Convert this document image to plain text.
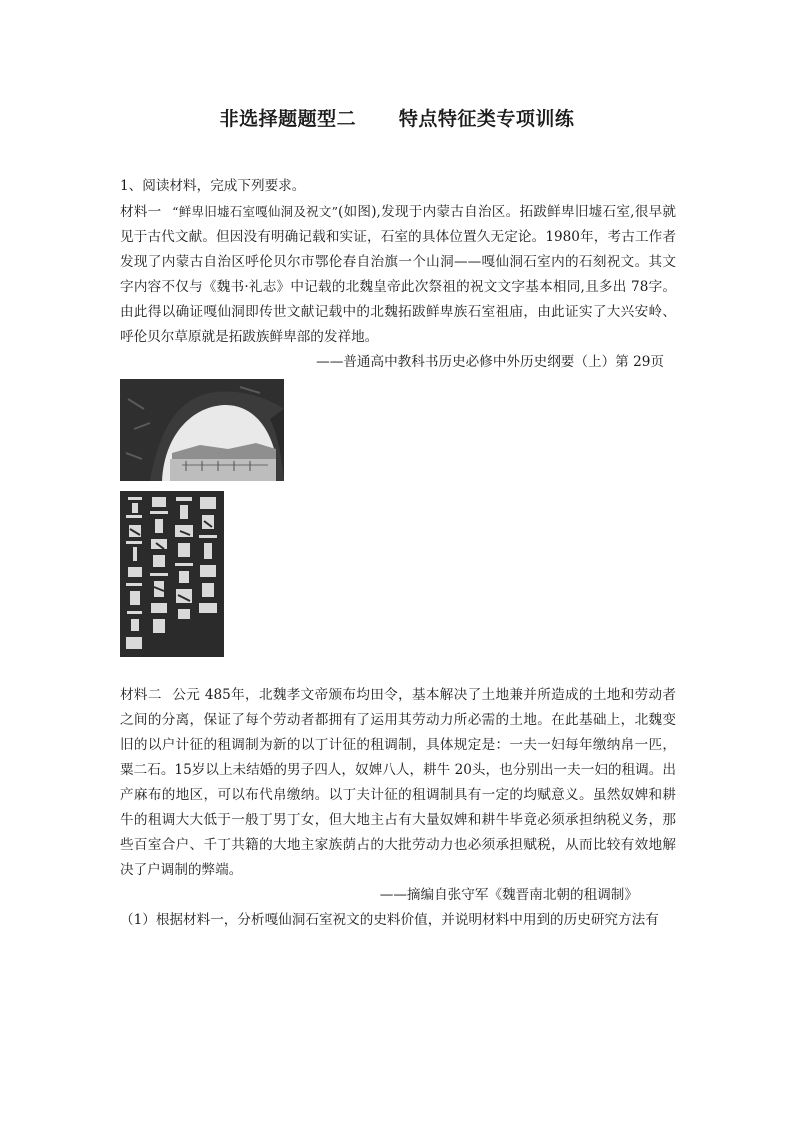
非选择题题型二      特点特征类专项训练

1、阅读材料，完成下列要求。

材料一 “鲜卑旧墟石室嘎仙洞及祝文”(如图),发现于内蒙古自治区。拓跋鲜卑旧墟石室,很早就见于古代文献。但因没有明确记载和实证，石室的具体位置久无定论。1980年，考古工作者发现了内蒙古自治区呼伦贝尔市鄂伦春自治旗一个山洞——嘎仙洞石室内的石刻祝文。其文字内容不仅与《魏书·礼志》中记载的北魏皇帝此次祭祖的祝文文字基本相同,且多出 78字。由此得以确证嘎仙洞即传世文献记载中的北魏拓跋鲜卑族石室祖庙，由此证实了大兴安岭、呼伦贝尔草原就是拓跋族鲜卑部的发祥地。

——普通高中教科书历史必修中外历史纲要（上）第 29页

材料二 公元 485年，北魏孝文帝颁布均田令，基本解决了土地兼并所造成的土地和劳动者之间的分离，保证了每个劳动者都拥有了运用其劳动力所必需的土地。在此基础上，北魏变旧的以户计征的租调制为新的以丁计征的租调制，具体规定是：一夫一妇每年缴纳帛一匹，粟二石。15岁以上未结婚的男子四人，奴婢八人，耕牛 20头，也分别出一夫一妇的租调。出产麻布的地区，可以布代帛缴纳。以丁夫计征的租调制具有一定的均赋意义。虽然奴婢和耕牛的租调大大低于一般丁男丁女，但大地主占有大量奴婢和耕牛毕竟必须承担纳税义务，那些百室合户、千丁共籍的大地主家族荫占的大批劳动力也必须承担赋税，从而比较有效地解决了户调制的弊端。

——摘编自张守军《魏晋南北朝的租调制》

（1）根据材料一，分析嘎仙洞石室祝文的史料价值，并说明材料中用到的历史研究方法有
